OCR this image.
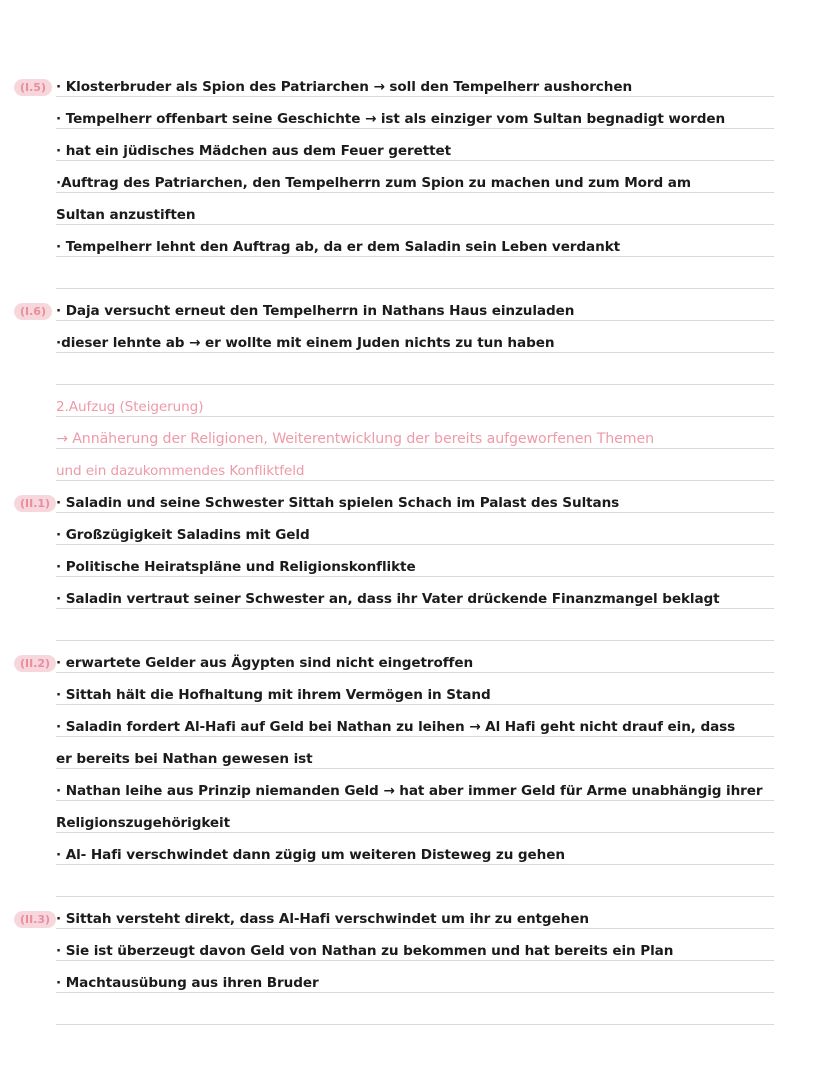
(I.5) · Klosterbruder als Spion des Patriarchen → soll den Tempelherr aushorchen
· Tempelherr offenbart seine Geschichte → ist als einziger vom Sultan begnadigt worden
· hat ein jüdisches Mädchen aus dem Feuer gerettet
·Auftrag des Patriarchen, den Tempelherrn zum Spion zu machen und zum Mord am
Sultan anzustiften
· Tempelherr lehnt den Auftrag ab, da er dem Saladin sein Leben verdankt
(I.6) · Daja versucht erneut den Tempelherrn in Nathans Haus einzuladen
·dieser lehnte ab → er wollte mit einem Juden nichts zu tun haben
2.Aufzug (Steigerung)
→ Annäherung der Religionen, Weiterentwicklung der bereits aufgeworfenen Themen
und ein dazukommendes Konfliktfeld
(II.1) · Saladin und seine Schwester Sittah spielen Schach im Palast des Sultans
· Großzügigkeit Saladins mit Geld
· Politische Heiratspläne und Religionskonflikte
· Saladin vertraut seiner Schwester an, dass ihr Vater drückende Finanzmangel beklagt
(II.2) · erwartete Gelder aus Ägypten sind nicht eingetroffen
· Sittah hält die Hofhaltung mit ihrem Vermögen in Stand
· Saladin fordert Al-Hafi auf Geld bei Nathan zu leihen → Al Hafi geht nicht drauf ein, dass
er bereits bei Nathan gewesen ist
· Nathan leihe aus Prinzip niemanden Geld → hat aber immer Geld für Arme unabhängig ihrer
Religionszugehörigkeit
· Al- Hafi verschwindet dann zügig um weiteren Disteweg zu gehen
(II.3) · Sittah versteht direkt, dass Al-Hafi verschwindet um ihr zu entgehen
· Sie ist überzeugt davon Geld von Nathan zu bekommen und hat bereits ein Plan
· Machtausübung aus ihren Bruder
